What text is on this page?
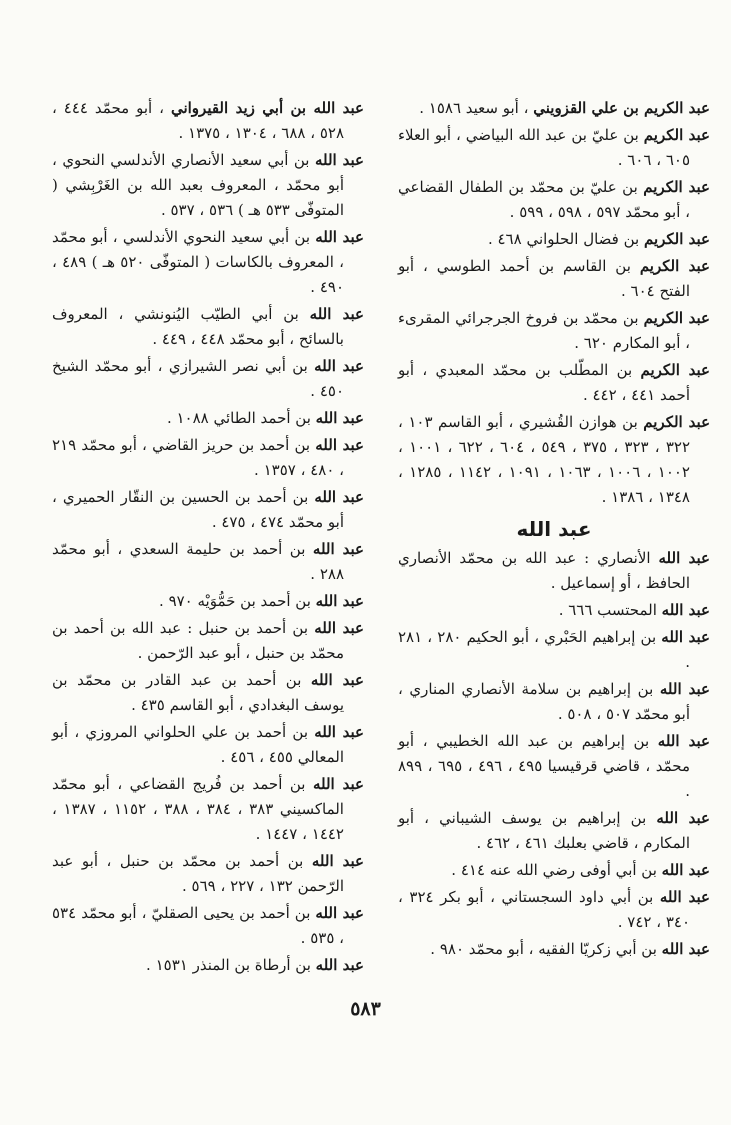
عبد الكريم بن علي القزويني ، أبو سعيد ١٥٨٦ .
عبد الكريم بن عليّ بن عبد الله البياضي ، أبو العلاء ٦٠٥ ، ٦٠٦ .
عبد الكريم بن عليّ بن محمّد بن الطفال القضاعي ، أبو محمّد ٥٩٧ ، ٥٩٨ ، ٥٩٩ .
عبد الكريم بن فضال الحلواني ٤٦٨ .
عبد الكريم بن القاسم بن أحمد الطوسي ، أبو الفتح ٦٠٤ .
عبد الكريم بن محمّد بن فروخ الجرجرائي المقرىء ، أبو المكارم ٦٢٠ .
عبد الكريم بن المطّلب بن محمّد المعبدي ، أبو أحمد ٤٤١ ، ٤٤٢ .
عبد الكريم بن هوازن القُشيري ، أبو القاسم ١٠٣ ، ٣٢٢ ، ٣٢٣ ، ٣٧٥ ، ٥٤٩ ، ٦٠٤ ، ٦٢٢ ، ١٠٠١ ، ١٠٠٢ ، ١٠٠٦ ، ١٠٦٣ ، ١٠٩١ ، ١١٤٢ ، ١٢٨٥ ، ١٣٤٨ ، ١٣٨٦ .
عبد الله
عبد الله الأنصاري : عبد الله بن محمّد الأنصاري الحافظ ، أو إسماعيل .
عبد الله المحتسب ٦٦٦ .
عبد الله بن إبراهيم الحَبْري ، أبو الحكيم ٢٨٠ ، ٢٨١ .
عبد الله بن إبراهيم بن سلامة الأنصاري المناري ، أبو محمّد ٥٠٧ ، ٥٠٨ .
عبد الله بن إبراهيم بن عبد الله الخطيبي ، أبو محمّد ، قاضي قرقيسيا ٤٩٥ ، ٤٩٦ ، ٦٩٥ ، ٨٩٩ .
عبد الله بن إبراهيم بن يوسف الشيباني ، أبو المكارم ، قاضي بعلبك ٤٦١ ، ٤٦٢ .
عبد الله بن أبي أوفى رضي الله عنه ٤١٤ .
عبد الله بن أبي داود السجستاني ، أبو بكر ٣٢٤ ، ٣٤٠ ، ٧٤٢ .
عبد الله بن أبي زكريّا الفقيه ، أبو محمّد ٩٨٠ .
عبد الله بن أبي زيد القيرواني ، أبو محمّد ٤٤٤ ، ٥٢٨ ، ٦٨٨ ، ١٣٠٤ ، ١٣٧٥ .
عبد الله بن أبي سعيد الأنصاري الأندلسي النحوي ، أبو محمّد ، المعروف بعبد الله بن الغَرْبِشي ( المتوفّى ٥٣٣ هـ ) ٥٣٦ ، ٥٣٧ .
عبد الله بن أبي سعيد النحوي الأندلسي ، أبو محمّد ، المعروف بالكاسات ( المتوفّى ٥٢٠ هـ ) ٤٨٩ ، ٤٩٠ .
عبد الله بن أبي الطيّب اليُنونشي ، المعروف بالسائح ، أبو محمّد ٤٤٨ ، ٤٤٩ .
عبد الله بن أبي نصر الشيرازي ، أبو محمّد الشيخ ٤٥٠ .
عبد الله بن أحمد الطائي ١٠٨٨ .
عبد الله بن أحمد بن حريز القاضي ، أبو محمّد ٢١٩ ، ٤٨٠ ، ١٣٥٧ .
عبد الله بن أحمد بن الحسين بن النقّار الحميري ، أبو محمّد ٤٧٤ ، ٤٧٥ .
عبد الله بن أحمد بن حليمة السعدي ، أبو محمّد ٢٨٨ .
عبد الله بن أحمد بن حَمُّوَيْه ٩٧٠ .
عبد الله بن أحمد بن حنبل : عبد الله بن أحمد بن محمّد بن حنبل ، أبو عبد الرّحمن .
عبد الله بن أحمد بن عبد القادر بن محمّد بن يوسف البغدادي ، أبو القاسم ٤٣٥ .
عبد الله بن أحمد بن علي الحلواني المروزي ، أبو المعالي ٤٥٥ ، ٤٥٦ .
عبد الله بن أحمد بن فُريج القضاعي ، أبو محمّد الماكسيني ٣٨٣ ، ٣٨٤ ، ٣٨٨ ، ١١٥٢ ، ١٣٨٧ ، ١٤٤٢ ، ١٤٤٧ .
عبد الله بن أحمد بن محمّد بن حنبل ، أبو عبد الرّحمن ١٣٢ ، ٢٢٧ ، ٥٦٩ .
عبد الله بن أحمد بن يحيى الصقليّ ، أبو محمّد ٥٣٤ ، ٥٣٥ .
عبد الله بن أرطاة بن المنذر ١٥٣١ .
٥٨٣
